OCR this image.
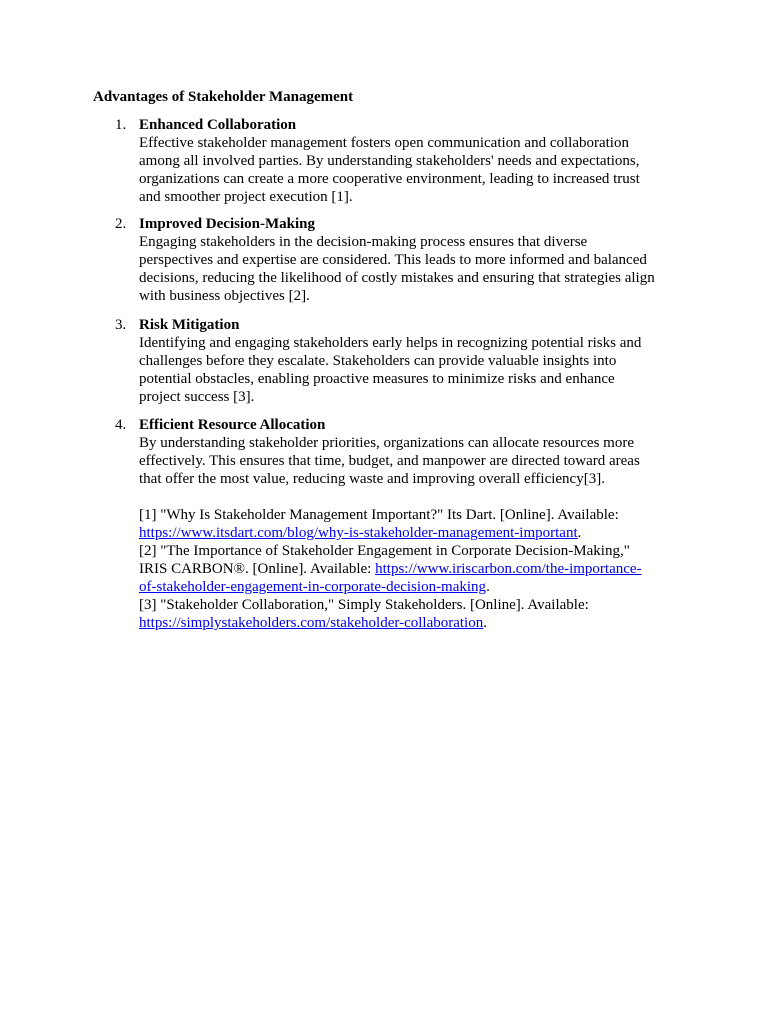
Advantages of Stakeholder Management
1. Enhanced Collaboration
Effective stakeholder management fosters open communication and collaboration
among all involved parties. By understanding stakeholders' needs and expectations,
organizations can create a more cooperative environment, leading to increased trust
and smoother project execution [1].
2. Improved Decision-Making
Engaging stakeholders in the decision-making process ensures that diverse
perspectives and expertise are considered. This leads to more informed and balanced
decisions, reducing the likelihood of costly mistakes and ensuring that strategies align
with business objectives [2].
3. Risk Mitigation
Identifying and engaging stakeholders early helps in recognizing potential risks and
challenges before they escalate. Stakeholders can provide valuable insights into
potential obstacles, enabling proactive measures to minimize risks and enhance
project success [3].
4. Efficient Resource Allocation
By understanding stakeholder priorities, organizations can allocate resources more
effectively. This ensures that time, budget, and manpower are directed toward areas
that offer the most value, reducing waste and improving overall efficiency[3].
[1] "Why Is Stakeholder Management Important?" Its Dart. [Online]. Available:
https://www.itsdart.com/blog/why-is-stakeholder-management-important.
[2] "The Importance of Stakeholder Engagement in Corporate Decision-Making,"
IRIS CARBON®. [Online]. Available: https://www.iriscarbon.com/the-importance-
of-stakeholder-engagement-in-corporate-decision-making.
[3] "Stakeholder Collaboration," Simply Stakeholders. [Online]. Available:
https://simplystakeholders.com/stakeholder-collaboration.
